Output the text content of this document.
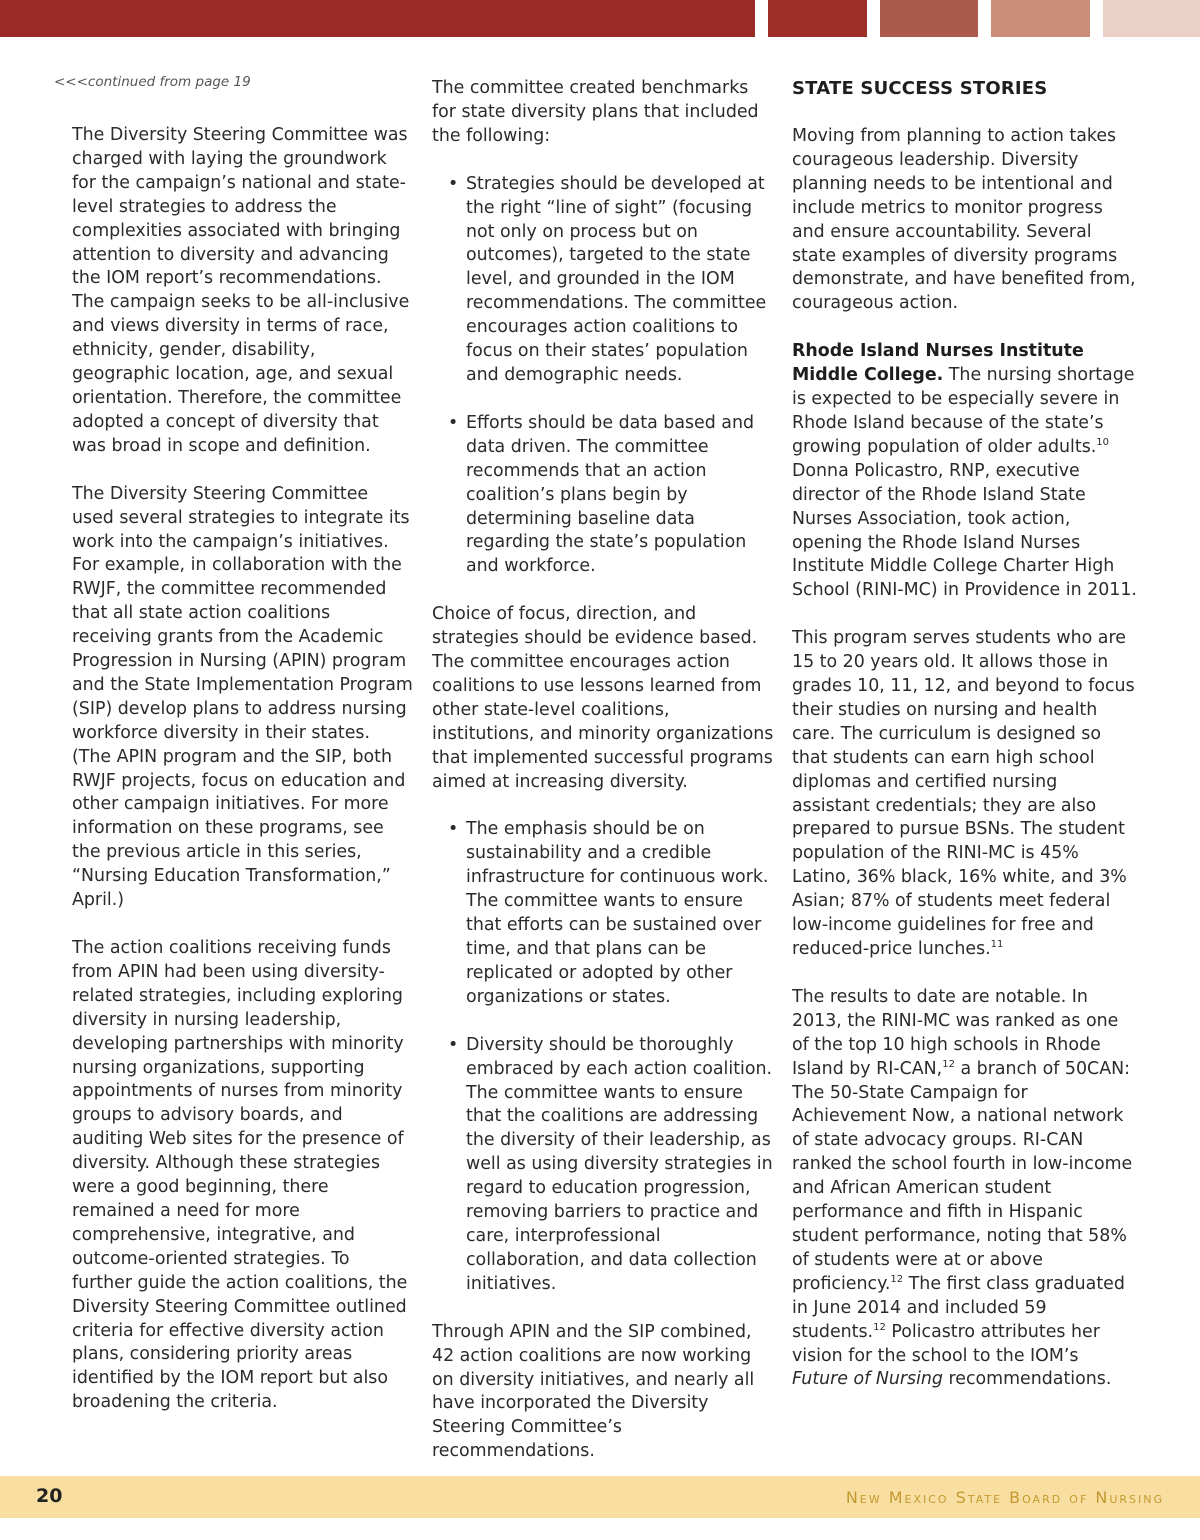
<<<continued from page 19

The Diversity Steering Committee was charged with laying the groundwork for the campaign’s national and state-level strategies to address the complexities associated with bringing attention to diversity and advancing the IOM report’s recommendations. The campaign seeks to be all-inclusive and views diversity in terms of race, ethnicity, gender, disability, geographic location, age, and sexual orientation. Therefore, the committee adopted a concept of diversity that was broad in scope and definition.

The Diversity Steering Committee used several strategies to integrate its work into the campaign’s initiatives. For example, in collaboration with the RWJF, the committee recommended that all state action coalitions receiving grants from the Academic Progression in Nursing (APIN) program and the State Implementation Program (SIP) develop plans to address nursing workforce diversity in their states. (The APIN program and the SIP, both RWJF projects, focus on education and other campaign initiatives. For more information on these programs, see the previous article in this series, “Nursing Education Transformation,” April.)

The action coalitions receiving funds from APIN had been using diversity-related strategies, including exploring diversity in nursing leadership, developing partnerships with minority nursing organizations, supporting appointments of nurses from minority groups to advisory boards, and auditing Web sites for the presence of diversity. Although these strategies were a good beginning, there remained a need for more comprehensive, integrative, and outcome-oriented strategies. To further guide the action coalitions, the Diversity Steering Committee outlined criteria for effective diversity action plans, considering priority areas identified by the IOM report but also broadening the criteria.

The committee created benchmarks for state diversity plans that included the following:

• Strategies should be developed at the right “line of sight” (focusing not only on process but on outcomes), targeted to the state level, and grounded in the IOM recommendations. The committee encourages action coalitions to focus on their states’ population and demographic needs.
• Efforts should be data based and data driven. The committee recommends that an action coalition’s plans begin by determining baseline data regarding the state’s population and workforce.

Choice of focus, direction, and strategies should be evidence based. The committee encourages action coalitions to use lessons learned from other state-level coalitions, institutions, and minority organizations that implemented successful programs aimed at increasing diversity.

• The emphasis should be on sustainability and a credible infrastructure for continuous work. The committee wants to ensure that efforts can be sustained over time, and that plans can be replicated or adopted by other organizations or states.
• Diversity should be thoroughly embraced by each action coalition. The committee wants to ensure that the coalitions are addressing the diversity of their leadership, as well as using diversity strategies in regard to education progression, removing barriers to practice and care, interprofessional collaboration, and data collection initiatives.

Through APIN and the SIP combined, 42 action coalitions are now working on diversity initiatives, and nearly all have incorporated the Diversity Steering Committee’s recommendations.

STATE SUCCESS STORIES

Moving from planning to action takes courageous leadership. Diversity planning needs to be intentional and include metrics to monitor progress and ensure accountability. Several state examples of diversity programs demonstrate, and have benefited from, courageous action.

Rhode Island Nurses Institute Middle College. The nursing shortage is expected to be especially severe in Rhode Island because of the state’s growing population of older adults.$^{10}$ Donna Policastro, RNP, executive director of the Rhode Island State Nurses Association, took action, opening the Rhode Island Nurses Institute Middle College Charter High School (RINI-MC) in Providence in 2011.

This program serves students who are 15 to 20 years old. It allows those in grades 10, 11, 12, and beyond to focus their studies on nursing and health care. The curriculum is designed so that students can earn high school diplomas and certified nursing assistant credentials; they are also prepared to pursue BSNs. The student population of the RINI-MC is 45% Latino, 36% black, 16% white, and 3% Asian; 87% of students meet federal low-income guidelines for free and reduced-price lunches.$^{11}$

The results to date are notable. In 2013, the RINI-MC was ranked as one of the top 10 high schools in Rhode Island by RI-CAN,$^{12}$ a branch of 50CAN: The 50-State Campaign for Achievement Now, a national network of state advocacy groups. RI-CAN ranked the school fourth in low-income and African American student performance and fifth in Hispanic student performance, noting that 58% of students were at or above proficiency.$^{12}$ The first class graduated in June 2014 and included 59 students.$^{12}$ Policastro attributes her vision for the school to the IOM’s Future of Nursing recommendations.

20	New Mexico State Board of Nursing
